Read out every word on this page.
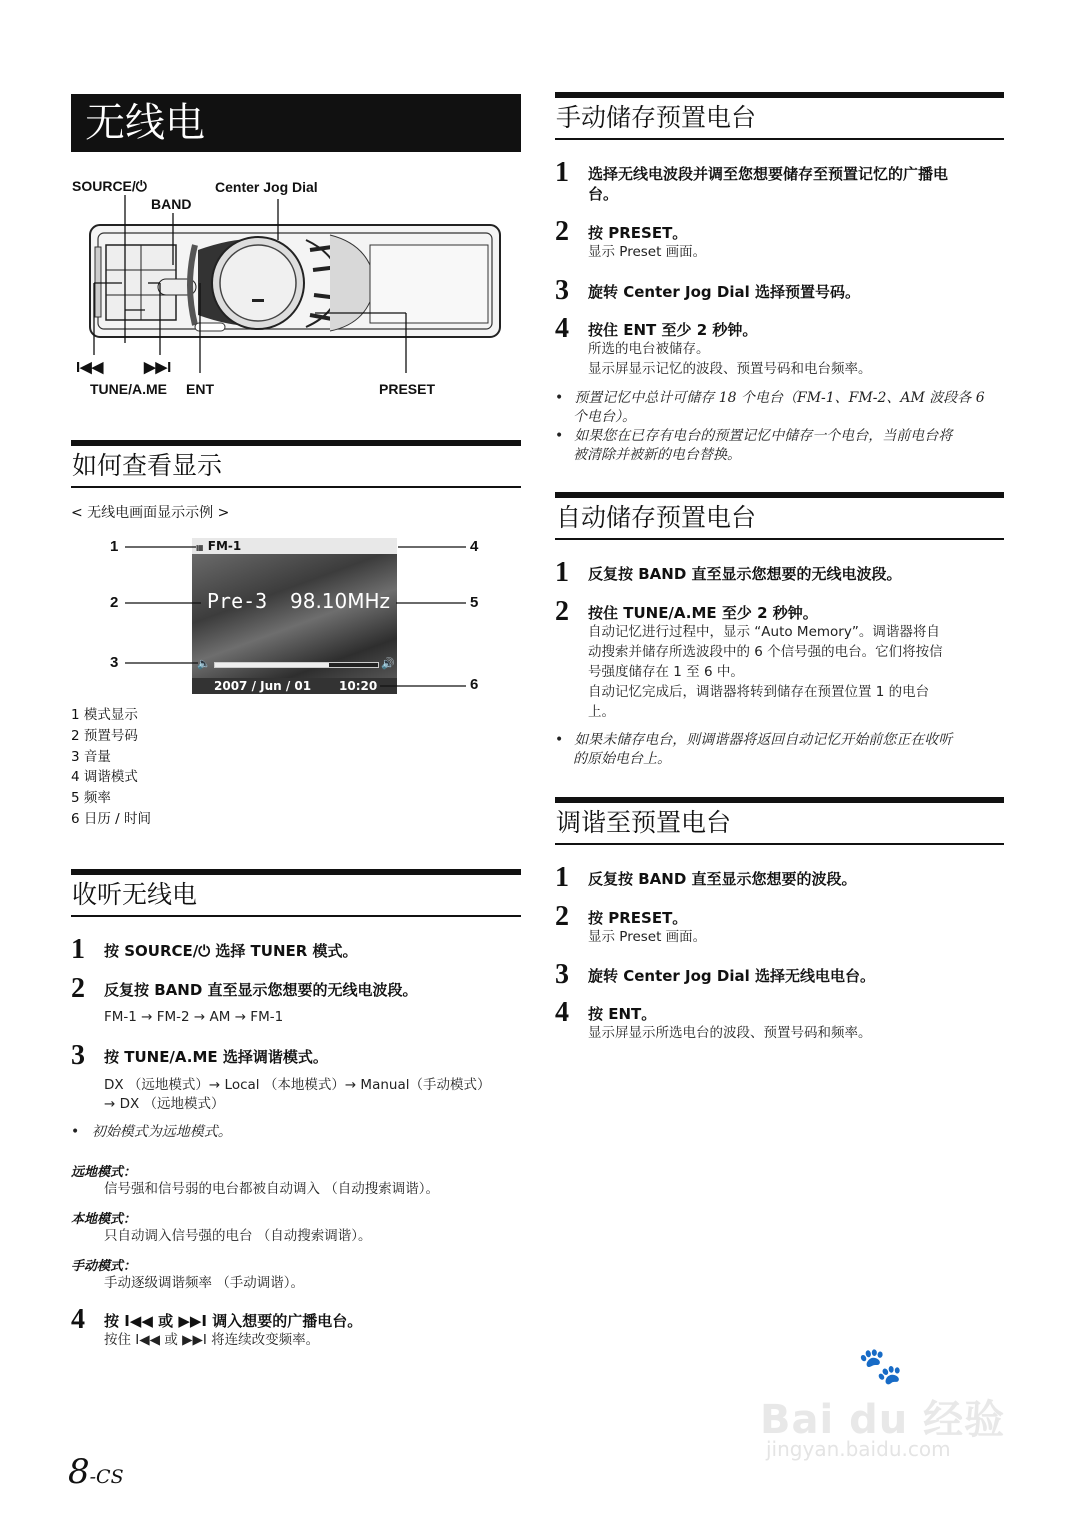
无线电
SOURCE/⏻
BAND
Center Jog Dial
I◀◀	▶▶I
TUNE/A.ME ENT	PRESET
如何查看显示
< 无线电画面显示示例 >
▦ FM-1
Pre-3 98.10MHz
🔈	🔊
2007 / Jun / 01 10:20
1
2
3
4
5
6
1 模式显示
2 预置号码
3 音量
4 调谐模式
5 频率
6 日历 / 时间
收听无线电
1 按 SOURCE/⏻ 选择 TUNER 模式。
2 反复按 BAND 直至显示您想要的无线电波段。
FM-1 → FM-2 → AM → FM-1
3 按 TUNE/A.ME 选择调谐模式。
DX （远地模式）→ Local （本地模式）→ Manual（手动模式）
→ DX （远地模式）
• 初始模式为远地模式。
远地模式：
信号强和信号弱的电台都被自动调入 （自动搜索调谐）。
本地模式：
只自动调入信号强的电台 （自动搜索调谐）。
手动模式：
手动逐级调谐频率 （手动调谐）。
4 按 I◀◀ 或 ▶▶I 调入想要的广播电台。
按住 I◀◀ 或 ▶▶I 将连续改变频率。
手动储存预置电台
1 选择无线电波段并调至您想要储存至预置记忆的广播电
台。
2 按 PRESET。
显示 Preset 画面。
3 旋转 Center Jog Dial 选择预置号码。
4 按住 ENT 至少 2 秒钟。
所选的电台被储存。
显示屏显示记忆的波段、预置号码和电台频率。
• 预置记忆中总计可储存 18 个电台（FM-1、FM-2、AM 波段各 6
个电台）。
• 如果您在已存有电台的预置记忆中储存一个电台，当前电台将
被清除并被新的电台替换。
自动储存预置电台
1 反复按 BAND 直至显示您想要的无线电波段。
2 按住 TUNE/A.ME 至少 2 秒钟。
自动记忆进行过程中，显示 “Auto Memory”。调谐器将自
动搜索并储存所选波段中的 6 个信号强的电台。它们将按信
号强度储存在 1 至 6 中。
自动记忆完成后，调谐器将转到储存在预置位置 1 的电台
上。
• 如果未储存电台，则调谐器将返回自动记忆开始前您正在收听
的原始电台上。
调谐至预置电台
1 反复按 BAND 直至显示您想要的波段。
2 按 PRESET。
显示 Preset 画面。
3 旋转 Center Jog Dial 选择无线电电台。
4 按 ENT。
显示屏显示所选电台的波段、预置号码和频率。
8-CS
Bai du 经验
🐾
jingyan.baidu.com
